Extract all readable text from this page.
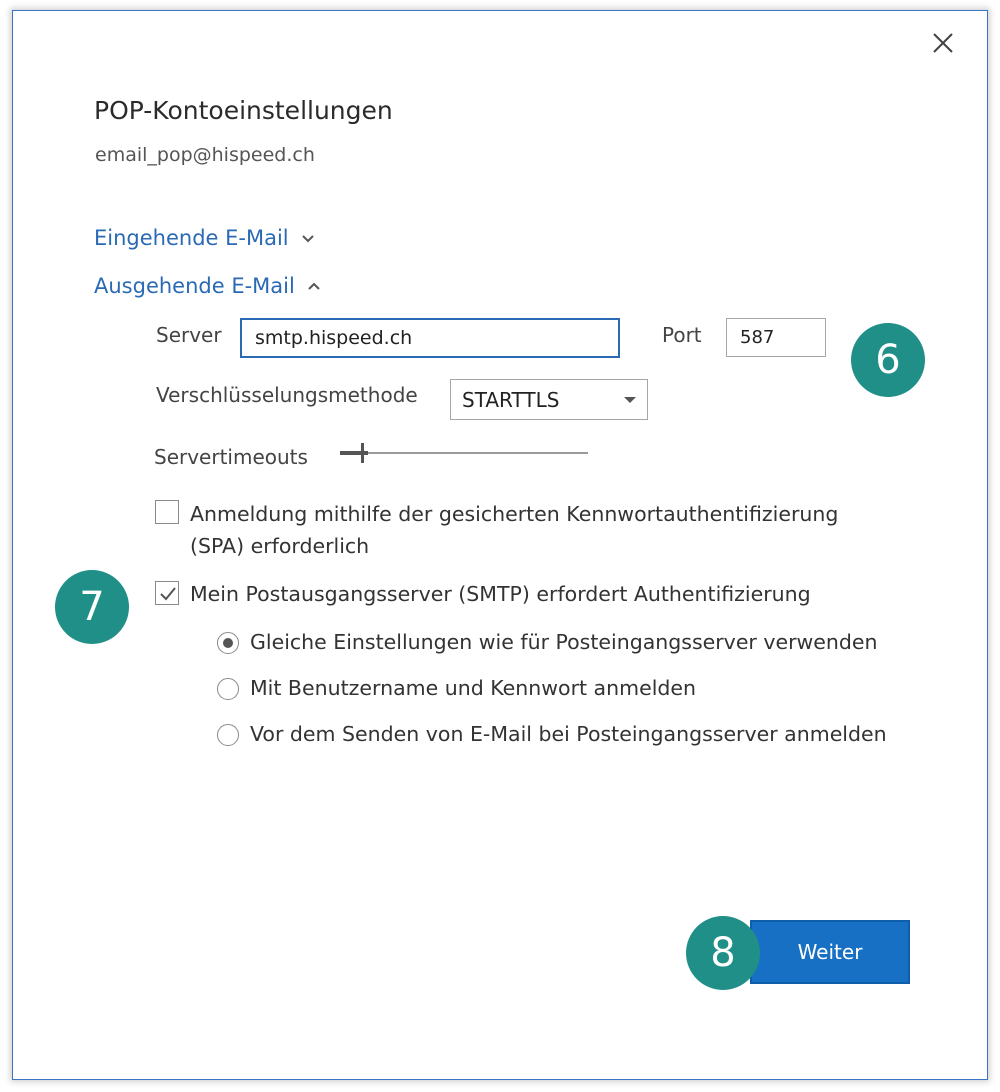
POP-Kontoeinstellungen
email_pop@hispeed.ch
Eingehende E-Mail
Ausgehende E-Mail
Server
smtp.hispeed.ch	Port
587
Verschlüsselungsmethode STARTTLS
Servertimeouts
Anmeldung mithilfe der gesicherten Kennwortauthentifizierung (SPA) erforderlich
Mein Postausgangsserver (SMTP) erfordert Authentifizierung
Gleiche Einstellungen wie für Posteingangsserver verwenden
Mit Benutzername und Kennwort anmelden
Vor dem Senden von E-Mail bei Posteingangsserver anmelden
Weiter
6
7
8
